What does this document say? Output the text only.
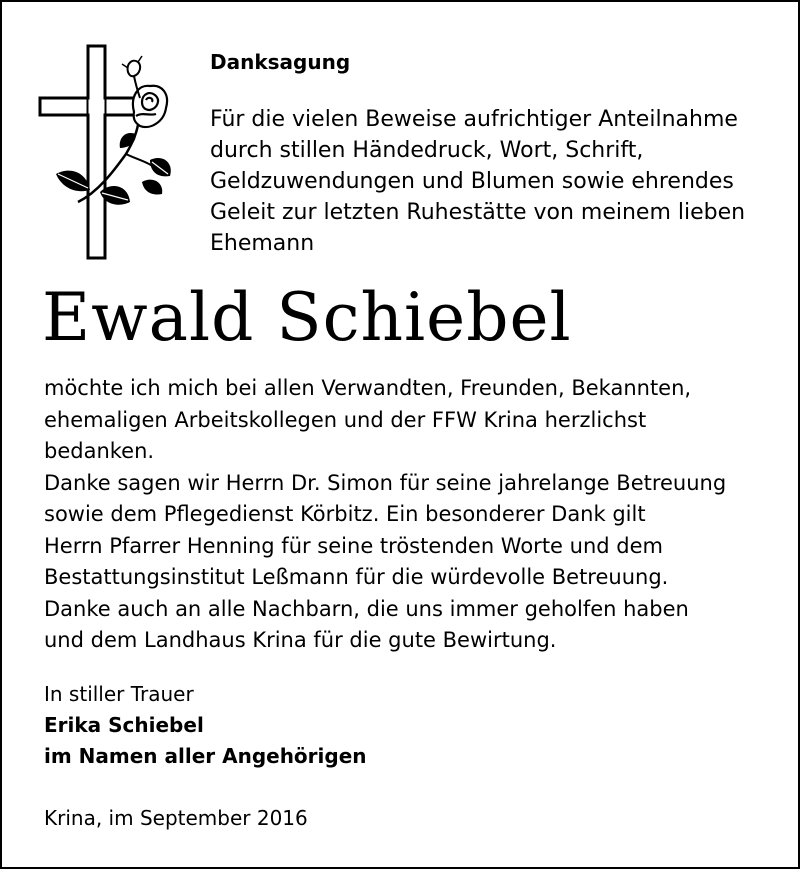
Danksagung
Für die vielen Beweise aufrichtiger Anteilnahme
durch stillen Händedruck, Wort, Schrift,
Geldzuwendungen und Blumen sowie ehrendes
Geleit zur letzten Ruhestätte von meinem lieben
Ehemann
Ewald Schiebel
möchte ich mich bei allen Verwandten, Freunden, Bekannten,
ehemaligen Arbeitskollegen und der FFW Krina herzlichst
bedanken.
Danke sagen wir Herrn Dr. Simon für seine jahrelange Betreuung
sowie dem Pflegedienst Körbitz. Ein besonderer Dank gilt
Herrn Pfarrer Henning für seine tröstenden Worte und dem
Bestattungsinstitut Leßmann für die würdevolle Betreuung.
Danke auch an alle Nachbarn, die uns immer geholfen haben
und dem Landhaus Krina für die gute Bewirtung.
In stiller Trauer
Erika Schiebel
im Namen aller Angehörigen
Krina, im September 2016
